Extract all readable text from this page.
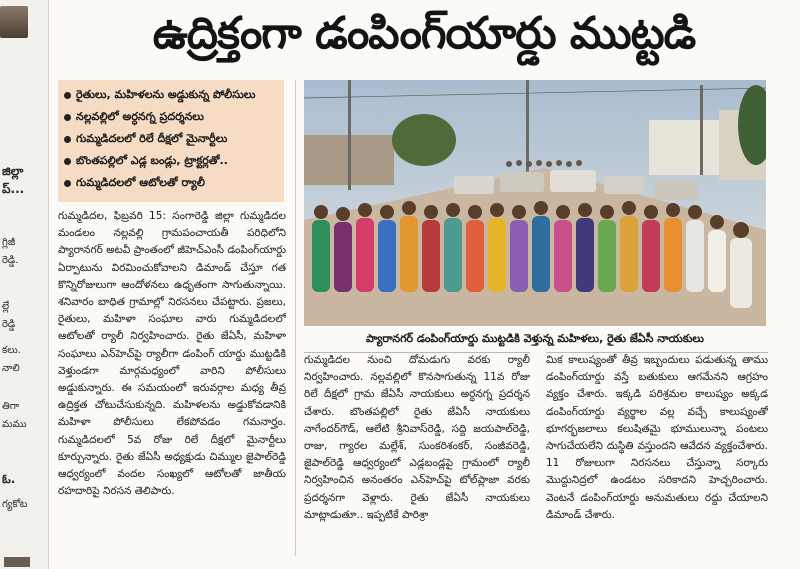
జిల్లా
ప్...
గ్లిజీ
రెడ్డి.
ల్లే
రెడ్డి
కలు.
నాలి
తిగా
మము
ఓ.
గ్యకోట
ఉద్రిక్తంగా డంపింగ్‌యార్డు ముట్టడి
రైతులు, మహిళలను అడ్డుకున్న పోలీసులు
నల్లవల్లిలో అర్ధనగ్న ప్రదర్శనలు
గుమ్మడిదలలో రిలే దీక్షలో మైనార్టీలు
బొంతపల్లిలో ఎడ్ల బండ్లు, ట్రాక్టర్లతో..
గుమ్మడిదలలో ఆటోలతో ర్యాలీ
ప్యారానగర్ డంపింగ్‌యార్డు ముట్టడికి వెళ్తున్న మహిళలు, రైతు జేఏసీ నాయకులు

గుమ్మడిదల, ఫిబ్రవరి 15: సంగారెడ్డి జిల్లా గుమ్మడిదల మండలం నల్లవల్లి గ్రామపంచాయతీ పరిధిలోని ప్యారానగర్ అటవీ ప్రాంతంలో జీహెచ్ఎంసీ డంపింగ్‌యార్డు ఏర్పాటును విరమించుకోవాలని డిమాండ్ చేస్తూ గత కొన్నిరోజులుగా ఆందోళనలు ఉధృతంగా సాగుతున్నాయి. శనివారం బాధిత గ్రామాల్లో నిరసనలు చేపట్టారు. ప్రజలు, రైతులు, మహిళా సంఘాల వారు గుమ్మడిదలలో ఆటోలతో ర్యాలీ నిర్వహించారు. రైతు జేఏసీ, మహిళా సంఘాలు ఎన్‌హెచ్‌పై ర్యాలీగా డంపింగ్ యార్డు ముట్టడికి వెళ్తుండగా మార్గమధ్యంలో వారిని పోలీసులు అడ్డుకున్నారు. ఈ సమయంలో ఇరువర్గాల మధ్య తీవ్ర ఉద్రిక్తత చోటుచేసుకున్నది. మహిళలను అడ్డుకోవడానికి మహిళా పోలీసులు లేకపోవడం గమనార్హం. గుమ్మడిదలలో 5వ రోజు రిలే దీక్షలో మైనార్టీలు కూర్చున్నారు. రైతు జేఏసీ అధ్యక్షుడు చిమ్ముల జైపాల్‌రెడ్డి ఆధ్వర్యంలో వందల సంఖ్యలో ఆటోలతో జాతీయ రహదారిపై నిరసన తెలిపారు.

గుమ్మడిదల నుంచి దోమడుగు వరకు ర్యాలీ నిర్వహించారు. నల్లవల్లిలో కొనసాగుతున్న 11వ రోజు రిలే దీక్షలో గ్రామ జేఏసీ నాయకులు అర్ధనగ్న ప్రదర్శన చేశారు. బొంతపల్లిలో రైతు జేఏసీ నాయకులు నాగేందర్‌గౌడ్, ఆలేటి శ్రీనివాస్‌రెడ్డి, సద్ది జయపాల్‌రెడ్డి, రాజు, గ్యారల మల్లేశ్, సుంకరిశంకర్, సంజీవరెడ్డి, జైపాల్‌రెడ్డి ఆధ్వర్యంలో ఎడ్లబండ్లపై గ్రామంలో ర్యాలీ నిర్వహించిన అనంతరం ఎన్‌హెచ్‌పై టోల్‌ప్లాజా వరకు ప్రదర్శనగా వెళ్లారు. రైతు జేఏసీ నాయకులు మాట్లాడుతూ.. ఇప్పటికే పారిశ్రా

మిక కాలుష్యంతో తీవ్ర ఇబ్బందులు పడుతున్న తాము డంపింగ్‌యార్డు వస్తే బతుకులు ఆగమేనని ఆగ్రహం వ్యక్తం చేశారు. ఇక్కడి పరిశ్రమల కాలుష్యం అక్కడ డంపింగ్‌యార్డు వ్యర్థాల వల్ల వచ్చే కాలుష్యంతో భూగర్భజలాలు కలుషితమై భూములున్నా పంటలు సాగుచేయలేని దుస్థితి వస్తుందని ఆవేదన వ్యక్తంచేశారు. 11 రోజులుగా నిరసనలు చేస్తున్నా సర్కారు మొద్దునిద్రలో ఉండటం సరికాదని హెచ్చరించారు. వెంటనే డంపింగ్‌యార్డు అనుమతులు రద్దు చేయాలని డిమాండ్ చేశారు.
